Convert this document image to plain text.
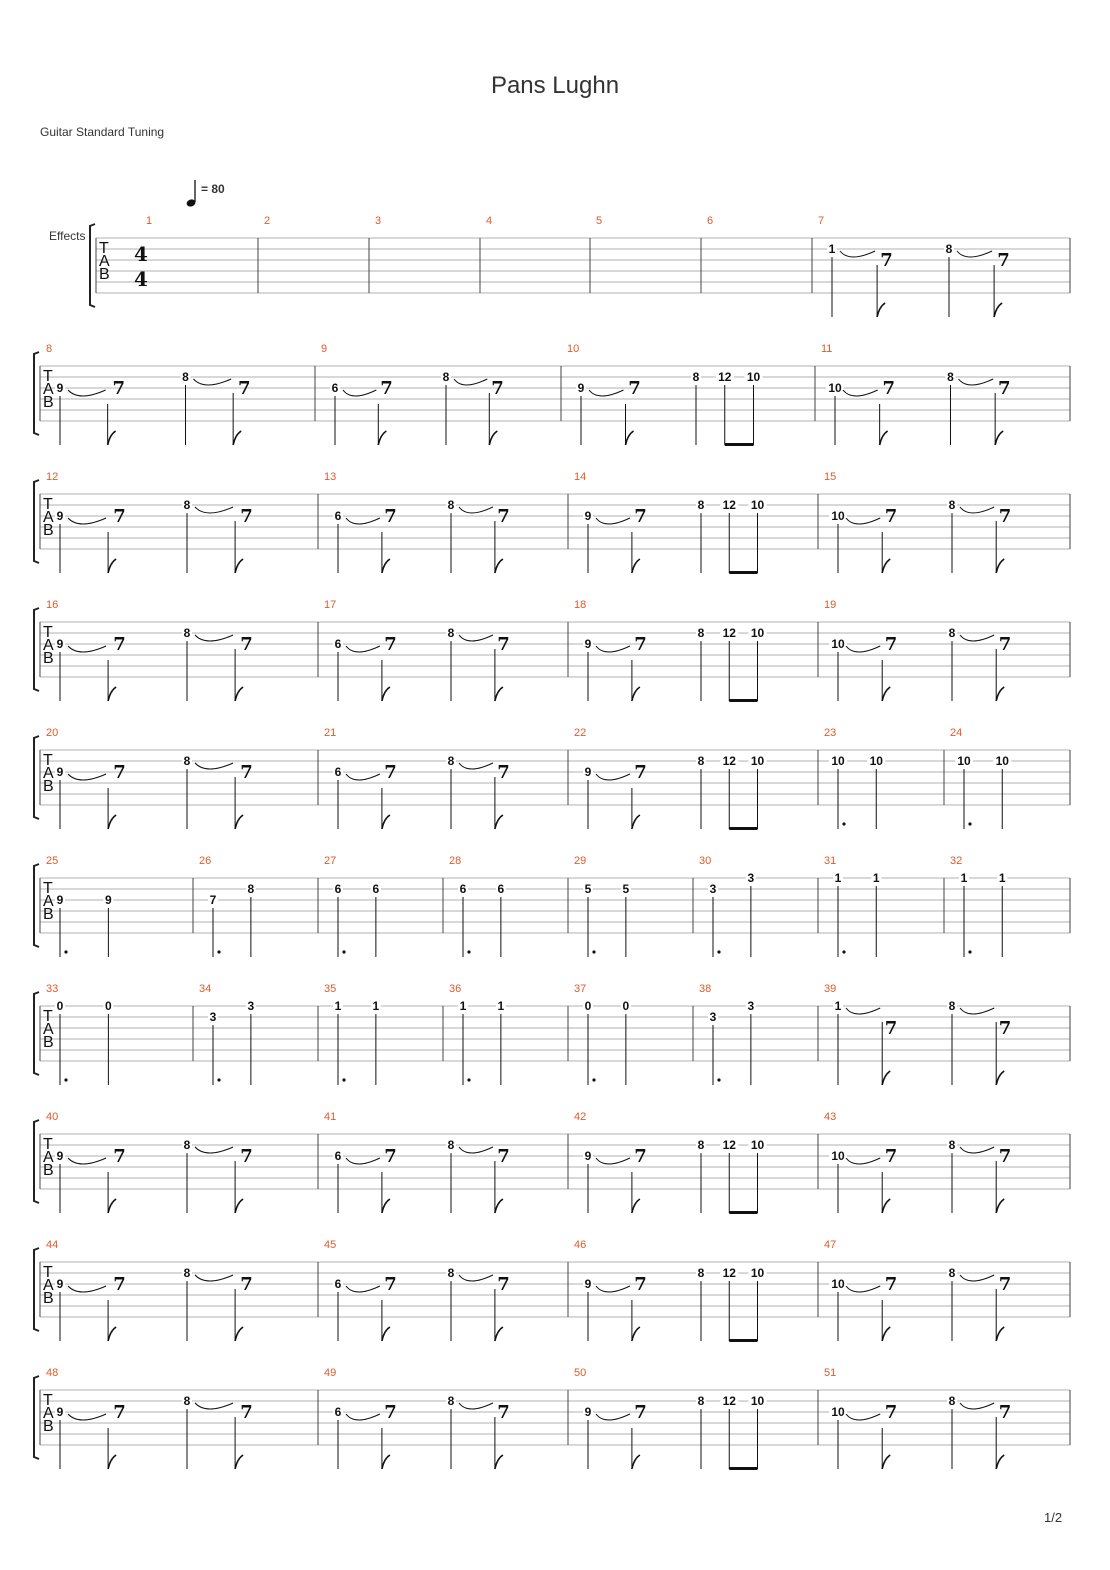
Pans Lughn
Guitar Standard Tuning
1/2
= 80
Effects
T
A
B
4
4
1	2	3	4	5	6	7
1
7
8
7
T
A
B
8
9	7
8
7
9
6 7
8
7
10
9 7
8 12 10
11
10 7
8
7
T
A
B
12
9	7
8
7
13
6 7
8
7
14
9 7
8 12 10
15
10 7
8
7
T
A
B
16
9	7
8
7
17
6 7
8
7
18
9 7
8 12 10
19
10 7
8
7
T
A
B
20
9	7
8
7
21
6 7
8
7
22
9 7
8 12 10
23
10 10
24
10 10
T
A
B
25
9	9
26
7
8
27
6	6
28
6	6
29
5	5
30
3
3
31
1	1
32
1	1
T
A
B
33
0	0
34
3
3
35
1	1
36
1	1
37
0	0
38
3
3
39
1
7
8
7
T
A
B
40
9	7
8
7
41
6 7
8
7
42
9 7
8 12 10
43
10 7
8
7
T
A
B
44
9	7
8
7
45
6 7
8
7
46
9 7
8 12 10
47
10 7
8
7
T
A
B
48
9	7
8
7
49
6 7
8
7
50
9 7
8 12 10
51
10 7
8
7
